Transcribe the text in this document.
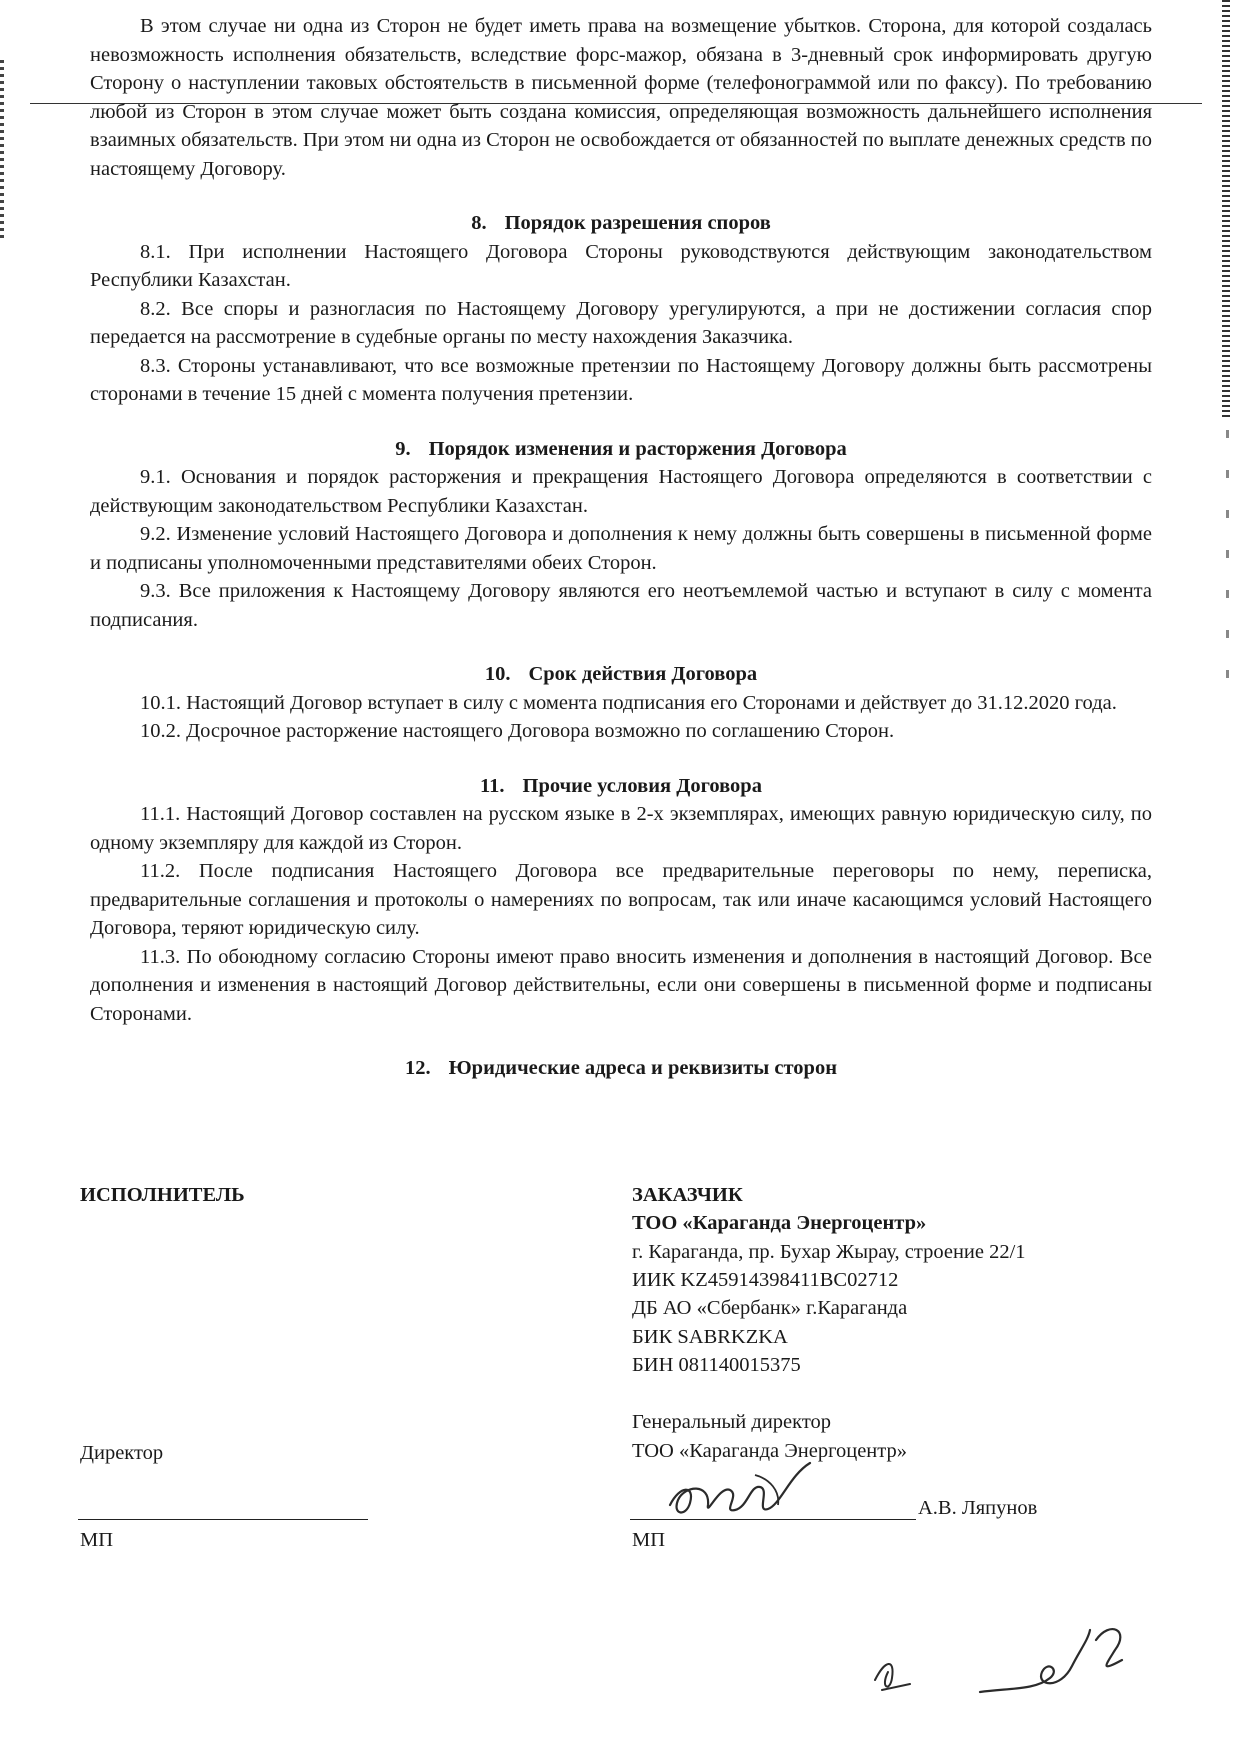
В этом случае ни одна из Сторон не будет иметь права на возмещение убытков. Сторона, для которой создалась невозможность исполнения обязательств, вследствие форс-мажор, обязана в 3-дневный срок информировать другую Сторону о наступлении таковых обстоятельств в письменной форме (телефонограммой или по факсу). По требованию любой из Сторон в этом случае может быть создана комиссия, определяющая возможность дальнейшего исполнения взаимных обязательств. При этом ни одна из Сторон не освобождается от обязанностей по выплате денежных средств по настоящему Договору.

8. Порядок разрешения споров

8.1. При исполнении Настоящего Договора Стороны руководствуются действующим законодательством Республики Казахстан.

8.2. Все споры и разногласия по Настоящему Договору урегулируются, а при не достижении согласия спор передается на рассмотрение в судебные органы по месту нахождения Заказчика.

8.3. Стороны устанавливают, что все возможные претензии по Настоящему Договору должны быть рассмотрены сторонами в течение 15 дней с момента получения претензии.

9. Порядок изменения и расторжения Договора

9.1. Основания и порядок расторжения и прекращения Настоящего Договора определяются в соответствии с действующим законодательством Республики Казахстан.

9.2. Изменение условий Настоящего Договора и дополнения к нему должны быть совершены в письменной форме и подписаны уполномоченными представителями обеих Сторон.

9.3. Все приложения к Настоящему Договору являются его неотъемлемой частью и вступают в силу с момента подписания.

10. Срок действия Договора

10.1. Настоящий Договор вступает в силу с момента подписания его Сторонами и действует до 31.12.2020 года.

10.2. Досрочное расторжение настоящего Договора возможно по соглашению Сторон.

11. Прочие условия Договора

11.1. Настоящий Договор составлен на русском языке в 2-х экземплярах, имеющих равную юридическую силу, по одному экземпляру для каждой из Сторон.

11.2. После подписания Настоящего Договора все предварительные переговоры по нему, переписка, предварительные соглашения и протоколы о намерениях по вопросам, так или иначе касающимся условий Настоящего Договора, теряют юридическую силу.

11.3. По обоюдному согласию Стороны имеют право вносить изменения и дополнения в настоящий Договор. Все дополнения и изменения в настоящий Договор действительны, если они совершены в письменной форме и подписаны Сторонами.

12. Юридические адреса и реквизиты сторон
ИСПОЛНИТЕЛЬ
Директор
МП
ЗАКАЗЧИК
ТОО «Караганда Энергоцентр»
г. Караганда, пр. Бухар Жырау, строение 22/1
ИИК KZ45914398411BC02712
ДБ АО «Сбербанк» г.Караганда
БИК SABRKZKA
БИН 081140015375
Генеральный директор
ТОО «Караганда Энергоцентр»
А.В. Ляпунов
МП
